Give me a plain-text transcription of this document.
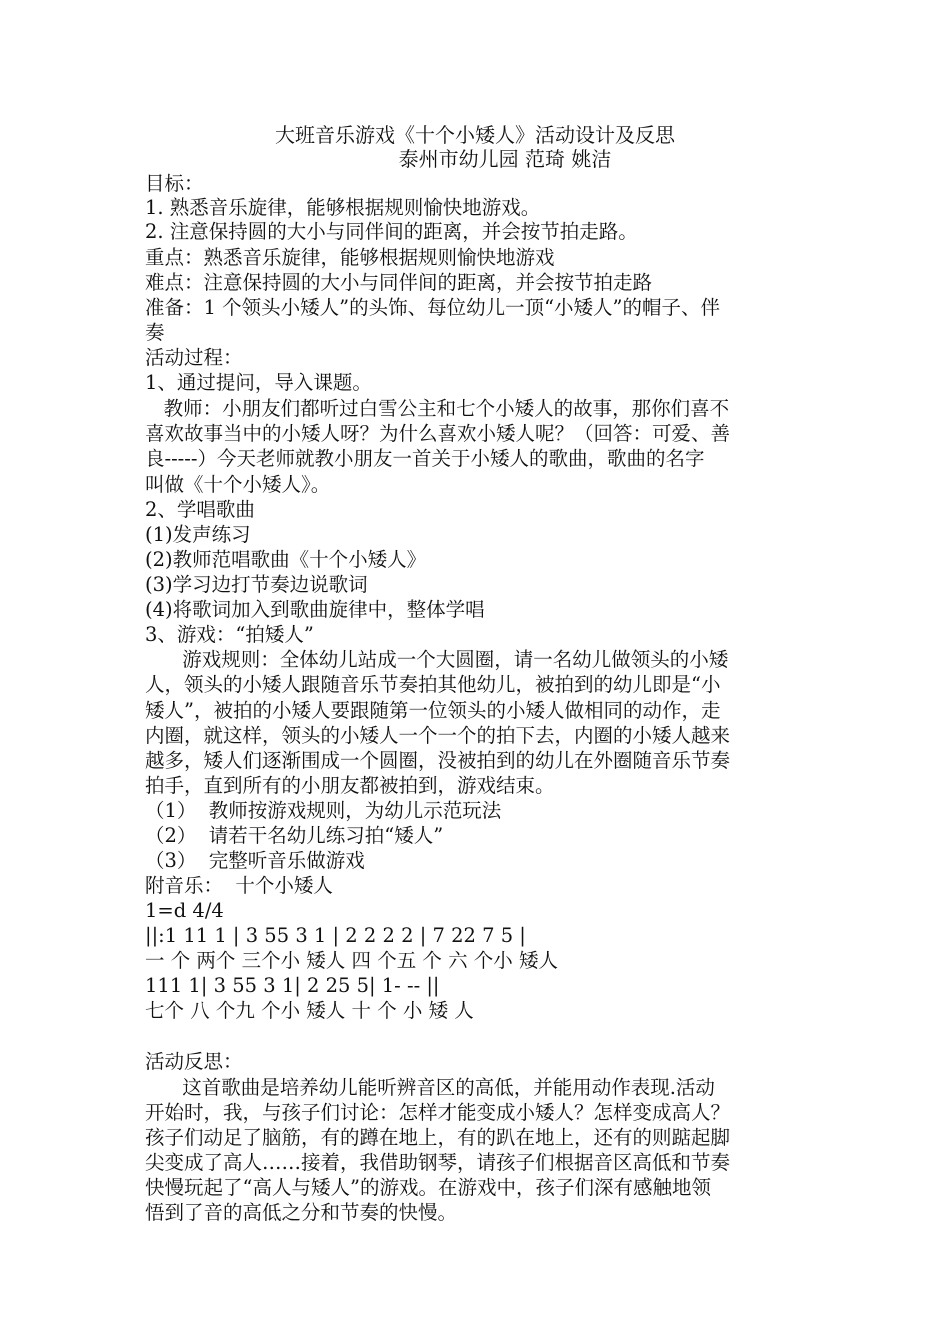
大班音乐游戏《十个小矮人》活动设计及反思
泰州市幼儿园 范琦 姚洁
目标：
1. 熟悉音乐旋律，能够根据规则愉快地游戏。
2. 注意保持圆的大小与同伴间的距离，并会按节拍走路。
重点：熟悉音乐旋律，能够根据规则愉快地游戏
难点：注意保持圆的大小与同伴间的距离，并会按节拍走路
准备：1 个领头小矮人”的头饰、每位幼儿一顶“小矮人”的帽子、伴
奏
活动过程：
1、通过提问，导入课题。
教师：小朋友们都听过白雪公主和七个小矮人的故事，那你们喜不
喜欢故事当中的小矮人呀？为什么喜欢小矮人呢？（回答：可爱、善
良-----）今天老师就教小朋友一首关于小矮人的歌曲，歌曲的名字
叫做《十个小矮人》。
2、学唱歌曲
(1)发声练习
(2)教师范唱歌曲《十个小矮人》
(3)学习边打节奏边说歌词
(4)将歌词加入到歌曲旋律中，整体学唱
3、游戏：“拍矮人”
游戏规则：全体幼儿站成一个大圆圈，请一名幼儿做领头的小矮
人，领头的小矮人跟随音乐节奏拍其他幼儿，被拍到的幼儿即是“小
矮人”，被拍的小矮人要跟随第一位领头的小矮人做相同的动作，走
内圈，就这样，领头的小矮人一个一个的拍下去，内圈的小矮人越来
越多，矮人们逐渐围成一个圆圈，没被拍到的幼儿在外圈随音乐节奏
拍手，直到所有的小朋友都被拍到，游戏结束。
（1）  教师按游戏规则，为幼儿示范玩法
（2）  请若干名幼儿练习拍“矮人”
（3）  完整听音乐做游戏
附音乐：  十个小矮人
1=d 4/4
||:1 11 1 | 3 55 3 1 | 2 2 2 2 | 7 22 7 5 |
一 个 两个 三个小 矮人 四 个五 个 六 个小 矮人
111 1| 3 55 3 1| 2 25 5| 1- -- ||
七个 八 个九 个小 矮人 十 个 小 矮 人
活动反思：
这首歌曲是培养幼儿能听辨音区的高低，并能用动作表现.活动
开始时，我，与孩子们讨论：怎样才能变成小矮人？怎样变成高人？
孩子们动足了脑筋，有的蹲在地上，有的趴在地上，还有的则踮起脚
尖变成了高人……接着，我借助钢琴，请孩子们根据音区高低和节奏
快慢玩起了“高人与矮人”的游戏。在游戏中，孩子们深有感触地领
悟到了音的高低之分和节奏的快慢。
